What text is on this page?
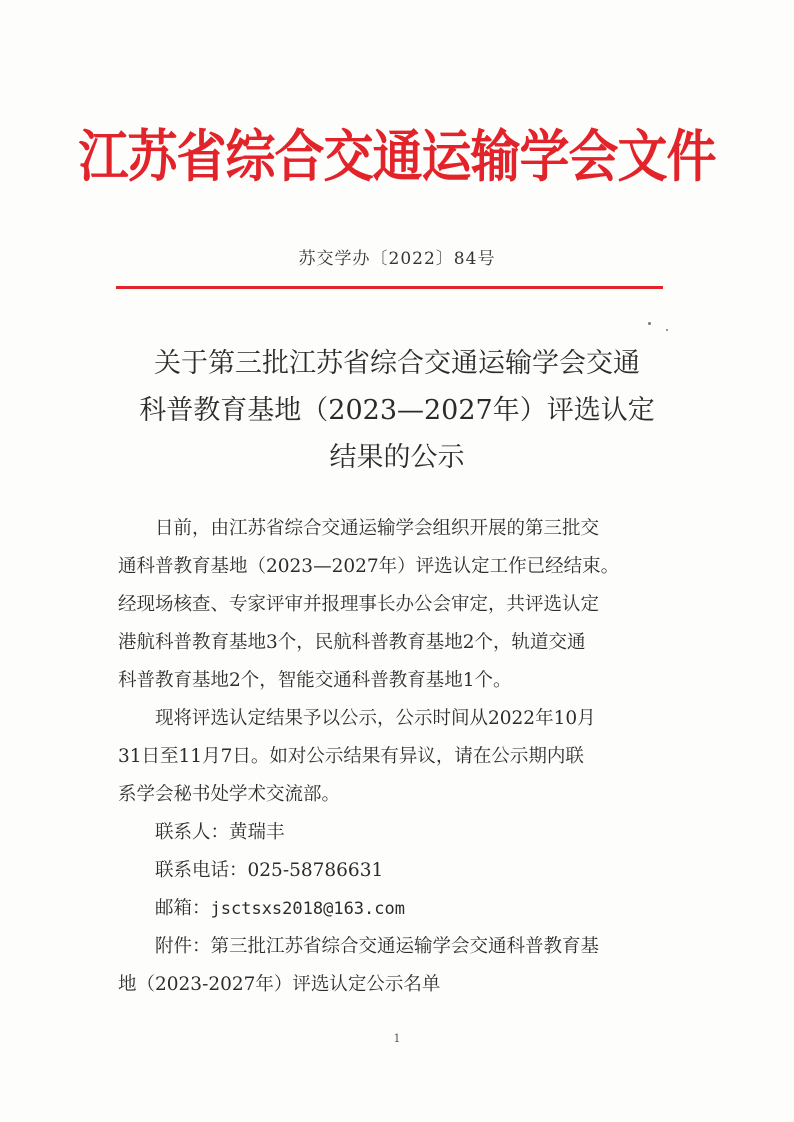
江苏省综合交通运输学会文件
苏交学办〔2022〕84号
关于第三批江苏省综合交通运输学会交通
科普教育基地（2023—2027年）评选认定
结果的公示
日前，由江苏省综合交通运输学会组织开展的第三批交
通科普教育基地（2023—2027年）评选认定工作已经结束。
经现场核查、专家评审并报理事长办公会审定，共评选认定
港航科普教育基地3个，民航科普教育基地2个，轨道交通
科普教育基地2个，智能交通科普教育基地1个。
现将评选认定结果予以公示，公示时间从2022年10月
31日至11月7日。如对公示结果有异议，请在公示期内联
系学会秘书处学术交流部。
联系人：黄瑞丰
联系电话：025-58786631
邮箱：jsctsxs2018@163.com
附件：第三批江苏省综合交通运输学会交通科普教育基
地（2023-2027年）评选认定公示名单
1
